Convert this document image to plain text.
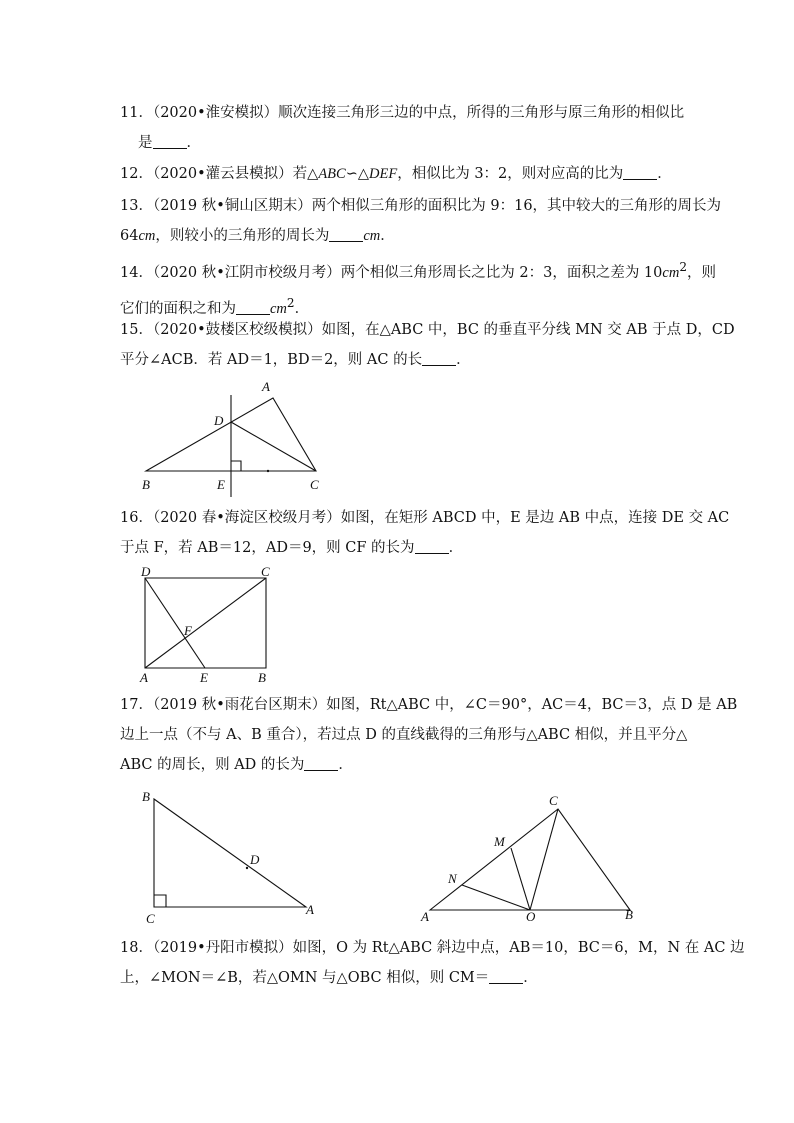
11．（2020•淮安模拟）顺次连接三角形三边的中点，所得的三角形与原三角形的相似比
是 ．
12．（2020•灌云县模拟）若△ABC∽△DEF，相似比为 3：2，则对应高的比为 ．
13．（2019 秋•铜山区期末）两个相似三角形的面积比为 9：16，其中较大的三角形的周长为
64cm，则较小的三角形的周长为 cm．
14．（2020 秋•江阴市校级月考）两个相似三角形周长之比为 2：3，面积之差为 $10cm^2$，则
它们的面积之和为 $cm^2$．
15．（2020•鼓楼区校级模拟）如图，在△ABC 中，BC 的垂直平分线 MN 交 AB 于点 D，CD
平分∠ACB．若 AD＝1，BD＝2，则 AC 的长 ．
A
D
B	E	C
16．（2020 春•海淀区校级月考）如图，在矩形 ABCD 中，E 是边 AB 中点，连接 DE 交 AC
于点 F，若 AB＝12，AD＝9，则 CF 的长为 ．
D	C
F
A	E	B
17．（2019 秋•雨花台区期末）如图，Rt△ABC 中，∠C＝90°，AC＝4，BC＝3，点 D 是 AB
边上一点（不与 A、B 重合），若过点 D 的直线截得的三角形与△ABC 相似，并且平分△
ABC 的周长，则 AD 的长为 ．
B
D
C
A
C
M
N
A	O	B
18．（2019•丹阳市模拟）如图，O 为 Rt△ABC 斜边中点，AB＝10，BC＝6，M，N 在 AC 边
上，∠MON＝∠B，若△OMN 与△OBC 相似，则 CM＝ ．
